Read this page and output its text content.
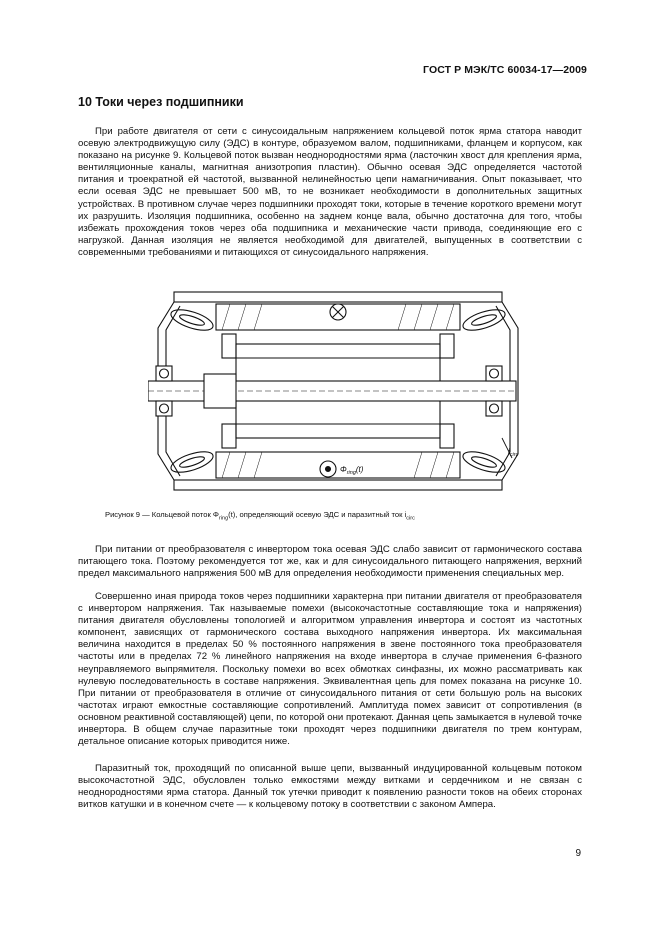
ГОСТ Р МЭК/ТС 60034-17—2009
10 Токи через подшипники

При работе двигателя от сети с синусоидальным напряжением кольцевой поток ярма статора наводит осевую электродвижущую силу (ЭДС) в контуре, образуемом валом, подшипниками, фланцем и корпусом, как показано на рисунке 9. Кольцевой поток вызван неоднородностями ярма (ласточкин хвост для крепления ярма, вентиляционные каналы, магнитная анизотропия пластин). Обычно осевая ЭДС определяется частотой питания и троекратной ей частотой, вызванной нелинейностью цепи намагничивания. Опыт показывает, что если осевая ЭДС не превышает 500 мВ, то не возникает необходимости в дополнительных защитных устройствах. В противном случае через подшипники проходят токи, которые в течение короткого времени могут их разрушить. Изоляция подшипника, особенно на заднем конце вала, обычно достаточна для того, чтобы избежать прохождения токов через оба подшипника и механические части привода, соединяющие его с нагрузкой. Данная изоляция не является необходимой для двигателей, выпущенных в соответствии с современными требованиями и питающихся от синусоидального напряжения.

$\Phi_{ring}(t)$
$i_{circ}$
Рисунок 9 — Кольцевой поток $\Phi_{ring}(t)$, определяющий осевую ЭДС и паразитный ток $i_{circ}$

При питании от преобразователя с инвертором тока осевая ЭДС слабо зависит от гармонического состава питающего тока. Поэтому рекомендуется тот же, как и для синусоидального питающего напряжения, верхний предел максимального напряжения 500 мВ для определения необходимости применения специальных мер.

Совершенно иная природа токов через подшипники характерна при питании двигателя от преобразователя с инвертором напряжения. Так называемые помехи (высокочастотные составляющие тока и напряжения) питания двигателя обусловлены топологией и алгоритмом управления инвертора и состоят из частотных компонент, зависящих от гармонического состава выходного напряжения инвертора. Их максимальная величина находится в пределах 50 % постоянного напряжения в звене постоянного тока преобразователя частоты или в пределах 72 % линейного напряжения на входе инвертора в случае применения 6-фазного неуправляемого выпрямителя. Поскольку помехи во всех обмотках синфазны, их можно рассматривать как нулевую последовательность в составе напряжения. Эквивалентная цепь для помех показана на рисунке 10. При питании от преобразователя в отличие от синусоидального питания от сети большую роль на высоких частотах играют емкостные составляющие сопротивлений. Амплитуда помех зависит от сопротивления (в основном реактивной составляющей) цепи, по которой они протекают. Данная цепь замыкается в нулевой точке инвертора. В общем случае паразитные токи проходят через подшипники двигателя по трем контурам, детальное описание которых приводится ниже.

Паразитный ток, проходящий по описанной выше цепи, вызванный индуцированной кольцевым потоком высокочастотной ЭДС, обусловлен только емкостями между витками и сердечником и не связан с неоднородностями ярма статора. Данный ток утечки приводит к появлению разности токов на обеих сторонах витков катушки и в конечном счете — к кольцевому потоку в соответствии с законом Ампера.

9
